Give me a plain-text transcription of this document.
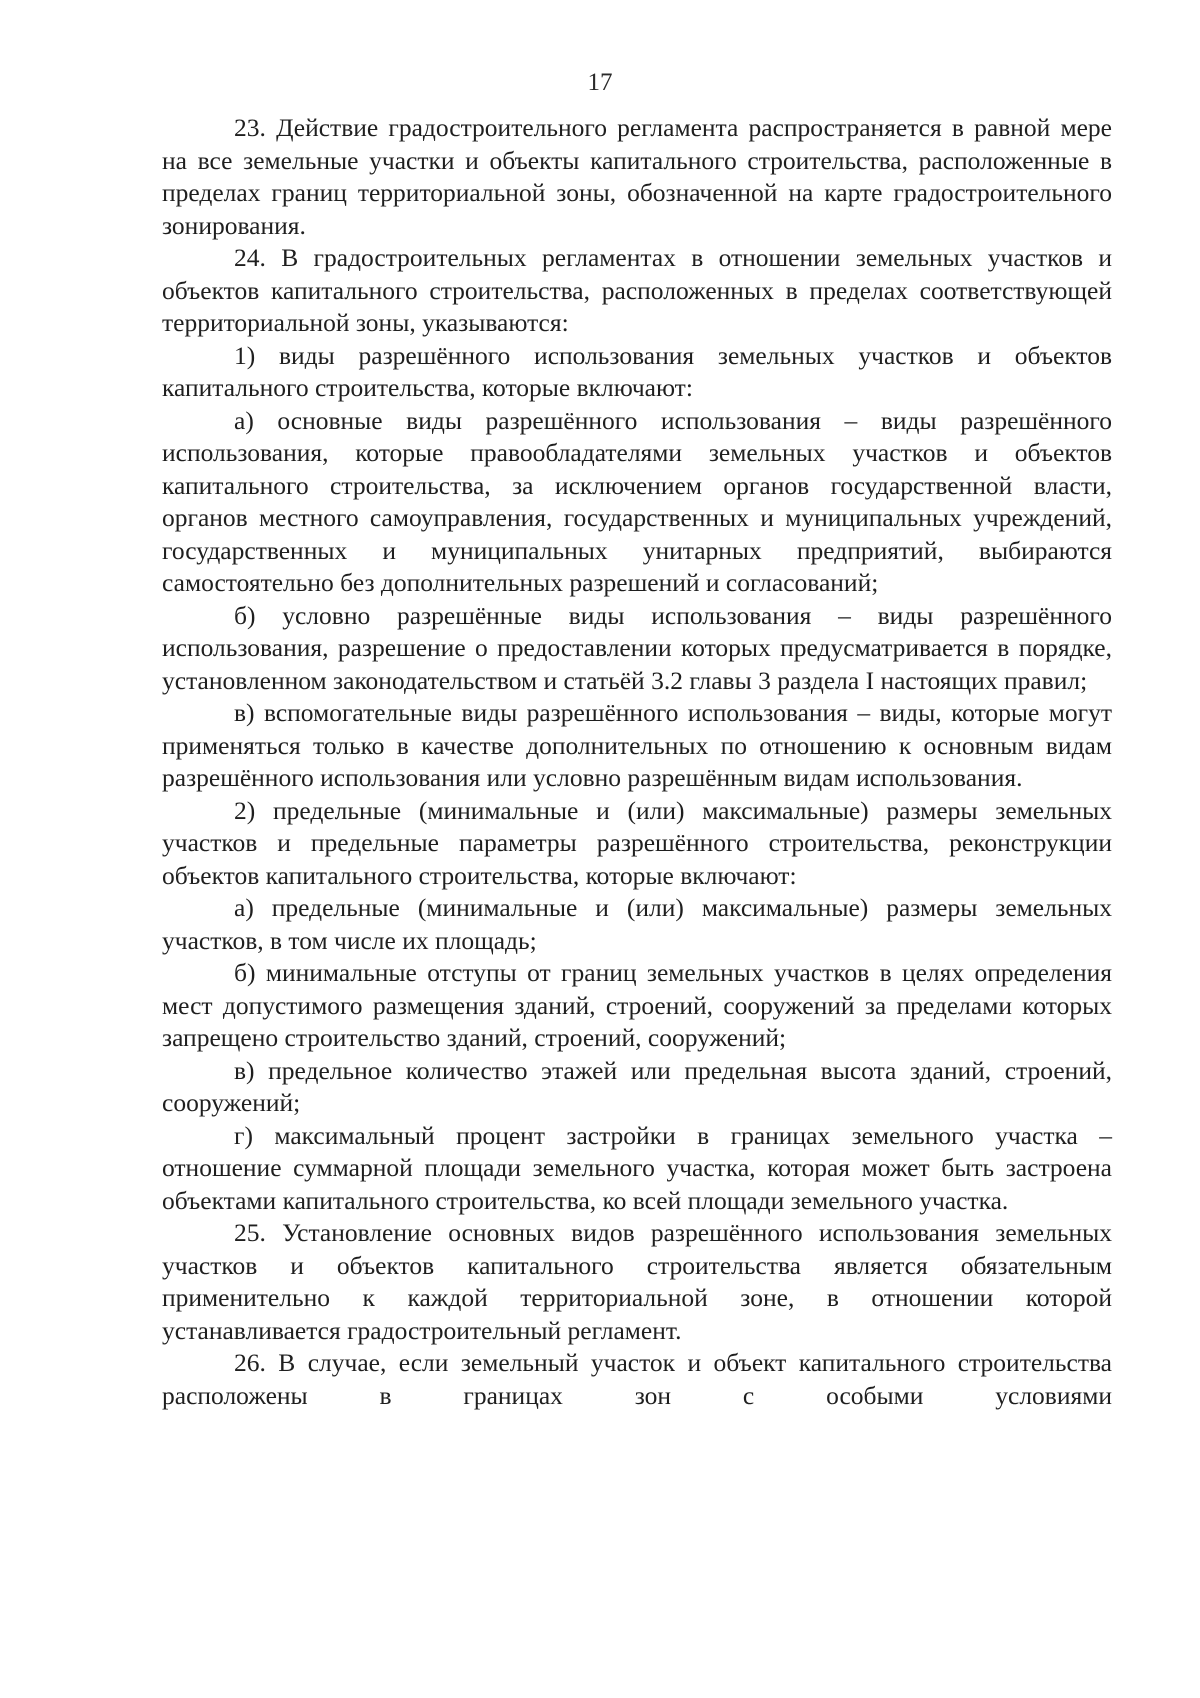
17

23. Действие градостроительного регламента распространяется в равной мере на все земельные участки и объекты капитального строительства, расположенные в пределах границ территориальной зоны, обозначенной на карте градостроительного зонирования.

24. В градостроительных регламентах в отношении земельных участков и объектов капитального строительства, расположенных в пределах соответствующей территориальной зоны, указываются:

1) виды разрешённого использования земельных участков и объектов капитального строительства, которые включают:

а) основные виды разрешённого использования – виды разрешённого использования, которые правообладателями земельных участков и объектов капитального строительства, за исключением органов государственной власти, органов местного самоуправления, государственных и муниципальных учреждений, государственных и муниципальных унитарных предприятий, выбираются самостоятельно без дополнительных разрешений и согласований;

б) условно разрешённые виды использования – виды разрешённого использования, разрешение о предоставлении которых предусматривается в порядке, установленном законодательством и статьёй 3.2 главы 3 раздела I настоящих правил;

в) вспомогательные виды разрешённого использования – виды, которые могут применяться только в качестве дополнительных по отношению к основным видам разрешённого использования или условно разрешённым видам использования.

2) предельные (минимальные и (или) максимальные) размеры земельных участков и предельные параметры разрешённого строительства, реконструкции объектов капитального строительства, которые включают:

а) предельные (минимальные и (или) максимальные) размеры земельных участков, в том числе их площадь;

б) минимальные отступы от границ земельных участков в целях определения мест допустимого размещения зданий, строений, сооружений за пределами которых запрещено строительство зданий, строений, сооружений;

в) предельное количество этажей или предельная высота зданий, строений, сооружений;

г) максимальный процент застройки в границах земельного участка – отношение суммарной площади земельного участка, которая может быть застроена объектами капитального строительства, ко всей площади земельного участка.

25. Установление основных видов разрешённого использования земельных участков и объектов капитального строительства является обязательным применительно к каждой территориальной зоне, в отношении которой устанавливается градостроительный регламент.

26. В случае, если земельный участок и объект капитального строительства расположены в границах зон с особыми условиями
